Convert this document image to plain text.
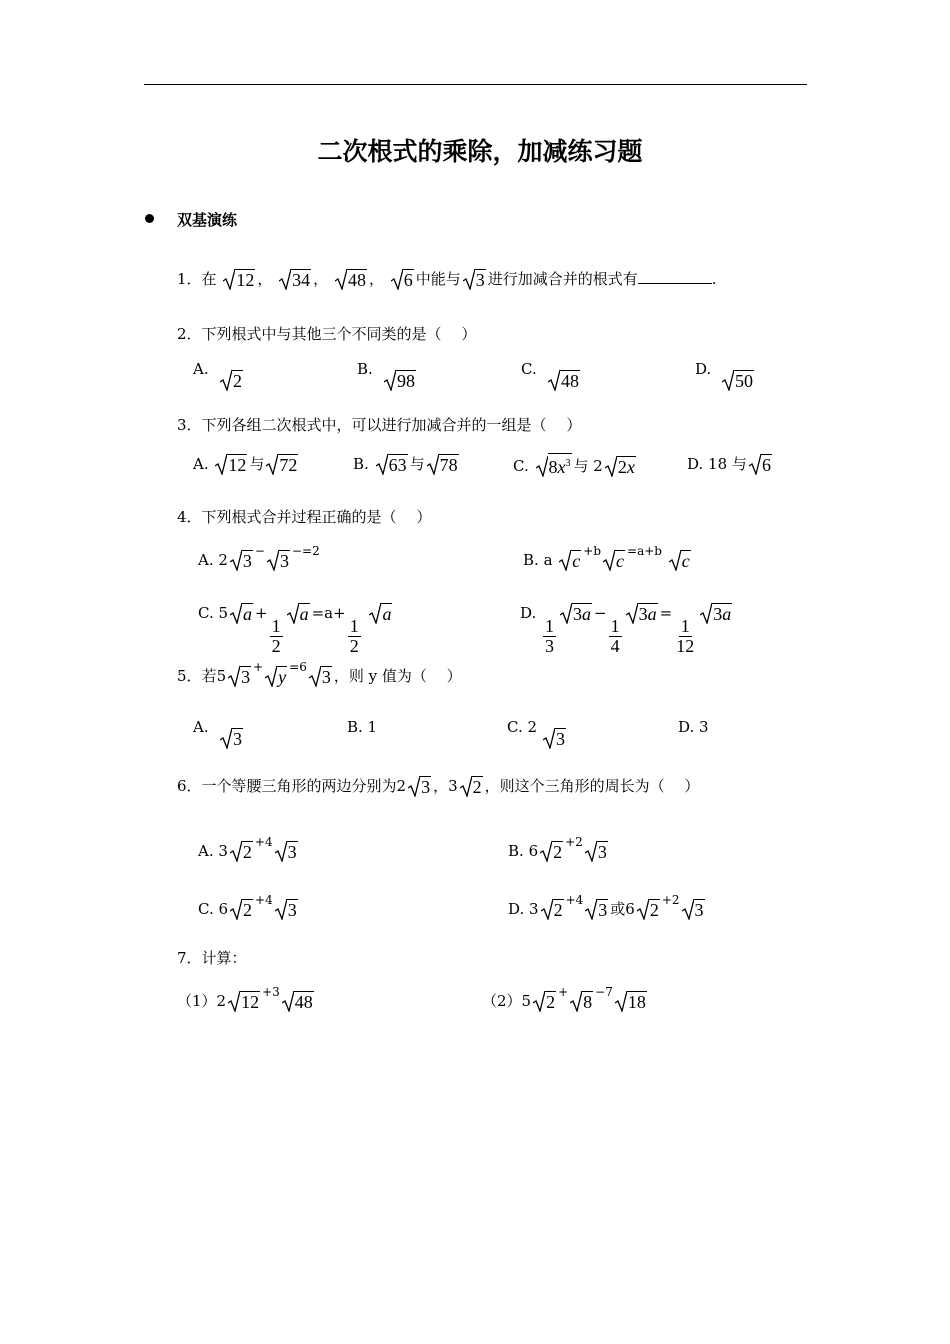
二次根式的乘除，加减练习题
双基演练
1．在 12 ， 34 ， 48 ， 6 中能与 3 进行加减合并的根式有	.
2．下列根式中与其他三个不同类的是（　 ）
A.
2
B.
98
C.
48
D.
50
3．下列各组二次根式中，可以进行加减合并的一组是（　 ）
A. 12 与 72	B. 63 与 78	C. $8x^3$ 与 2 2x	D. 18 与 6
4．下列根式合并过程正确的是（　 ）
A. 2 3 − 3 $^{-=2}$	B. a c $^{+b}$ c $^{=a+b}$ c
C. 5 a +
$\frac{1}{2}$
a =a+
$\frac{1}{2}$

a	D.
$\frac{1}{3}$
3a −
$\frac{1}{4}$
3a =
$\frac{1}{12}$
3a
5．若5 3 + y $^{=6}$ 3 ，则 y 值为（　 ）
A.
3
B. 1	C. 2
3
D. 3
6．一个等腰三角形的两边分别为2 3 ，3 2 ，则这个三角形的周长为（　 ）
A. 3 2 $^{+4}$ 3	B. 6 2 $^{+2}$ 3
C. 6 2 $^{+4}$ 3	D. 3 2 $^{+4}$ 3 或6 2 $^{+2}$ 3
7．计算：
（1）2 12 $^{+3}$ 48	（2）5 2 + 8 $^{-7}$ 18
